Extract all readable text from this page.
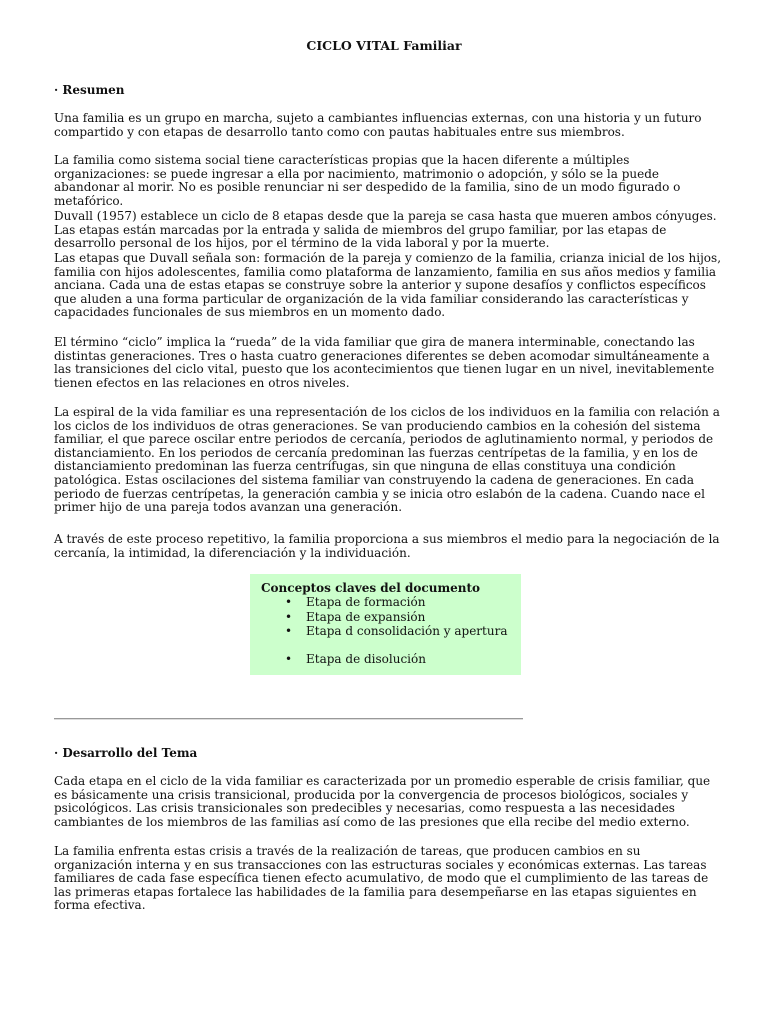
CICLO VITAL Familiar
· Resumen

Una familia es un grupo en marcha, sujeto a cambiantes influencias externas, con una historia y un futuro compartido y con etapas de desarrollo tanto como con pautas habituales entre sus miembros.

La familia como sistema social tiene características propias que la hacen diferente a múltiples organizaciones: se puede ingresar a ella por nacimiento, matrimonio o adopción, y sólo se la puede abandonar al morir. No es posible renunciar ni ser despedido de la familia, sino de un modo figurado o metafórico.

Duvall (1957) establece un ciclo de 8 etapas desde que la pareja se casa hasta que mueren ambos cónyuges. Las etapas están marcadas por la entrada y salida de miembros del grupo familiar, por las etapas de desarrollo personal de los hijos, por el término de la vida laboral y por la muerte.

Las etapas que Duvall señala son: formación de la pareja y comienzo de la familia, crianza inicial de los hijos, familia con hijos adolescentes, familia como plataforma de lanzamiento, familia en sus años medios y familia anciana. Cada una de estas etapas se construye sobre la anterior y supone desafíos y conflictos específicos que aluden a una forma particular de organización de la vida familiar considerando las características y capacidades funcionales de sus miembros en un momento dado.

El término “ciclo” implica la “rueda” de la vida familiar que gira de manera interminable, conectando las distintas generaciones. Tres o hasta cuatro generaciones diferentes se deben acomodar simultáneamente a las transiciones del ciclo vital, puesto que los acontecimientos que tienen lugar en un nivel, inevitablemente tienen efectos en las relaciones en otros niveles.

La espiral de la vida familiar es una representación de los ciclos de los individuos en la familia con relación a los ciclos de los individuos de otras generaciones. Se van produciendo cambios en la cohesión del sistema familiar, el que parece oscilar entre periodos de cercanía, periodos de aglutinamiento normal, y periodos de distanciamiento. En los periodos de cercanía predominan las fuerzas centrípetas de la familia, y en los de distanciamiento predominan las fuerza centrífugas, sin que ninguna de ellas constituya una condición patológica. Estas oscilaciones del sistema familiar van construyendo la cadena de generaciones. En cada periodo de fuerzas centrípetas, la generación cambia y se inicia otro eslabón de la cadena. Cuando nace el primer hijo de una pareja todos avanzan una generación.

A través de este proceso repetitivo, la familia proporciona a sus miembros el medio para la negociación de la cercanía, la intimidad, la diferenciación y la individuación.

Conceptos claves del documento
• Etapa de formación
• Etapa de expansión
• Etapa d consolidación y apertura
• Etapa de disolución
· Desarrollo del Tema

Cada etapa en el ciclo de la vida familiar es caracterizada por un promedio esperable de crisis familiar, que es básicamente una crisis transicional, producida por la convergencia de procesos biológicos, sociales y psicológicos. Las crisis transicionales son predecibles y necesarias, como respuesta a las necesidades cambiantes de los miembros de las familias así como de las presiones que ella recibe del medio externo.

La familia enfrenta estas crisis a través de la realización de tareas, que producen cambios en su organización interna y en sus transacciones con las estructuras sociales y económicas externas. Las tareas familiares de cada fase específica tienen efecto acumulativo, de modo que el cumplimiento de las tareas de las primeras etapas fortalece las habilidades de la familia para desempeñarse en las etapas siguientes en forma efectiva.
